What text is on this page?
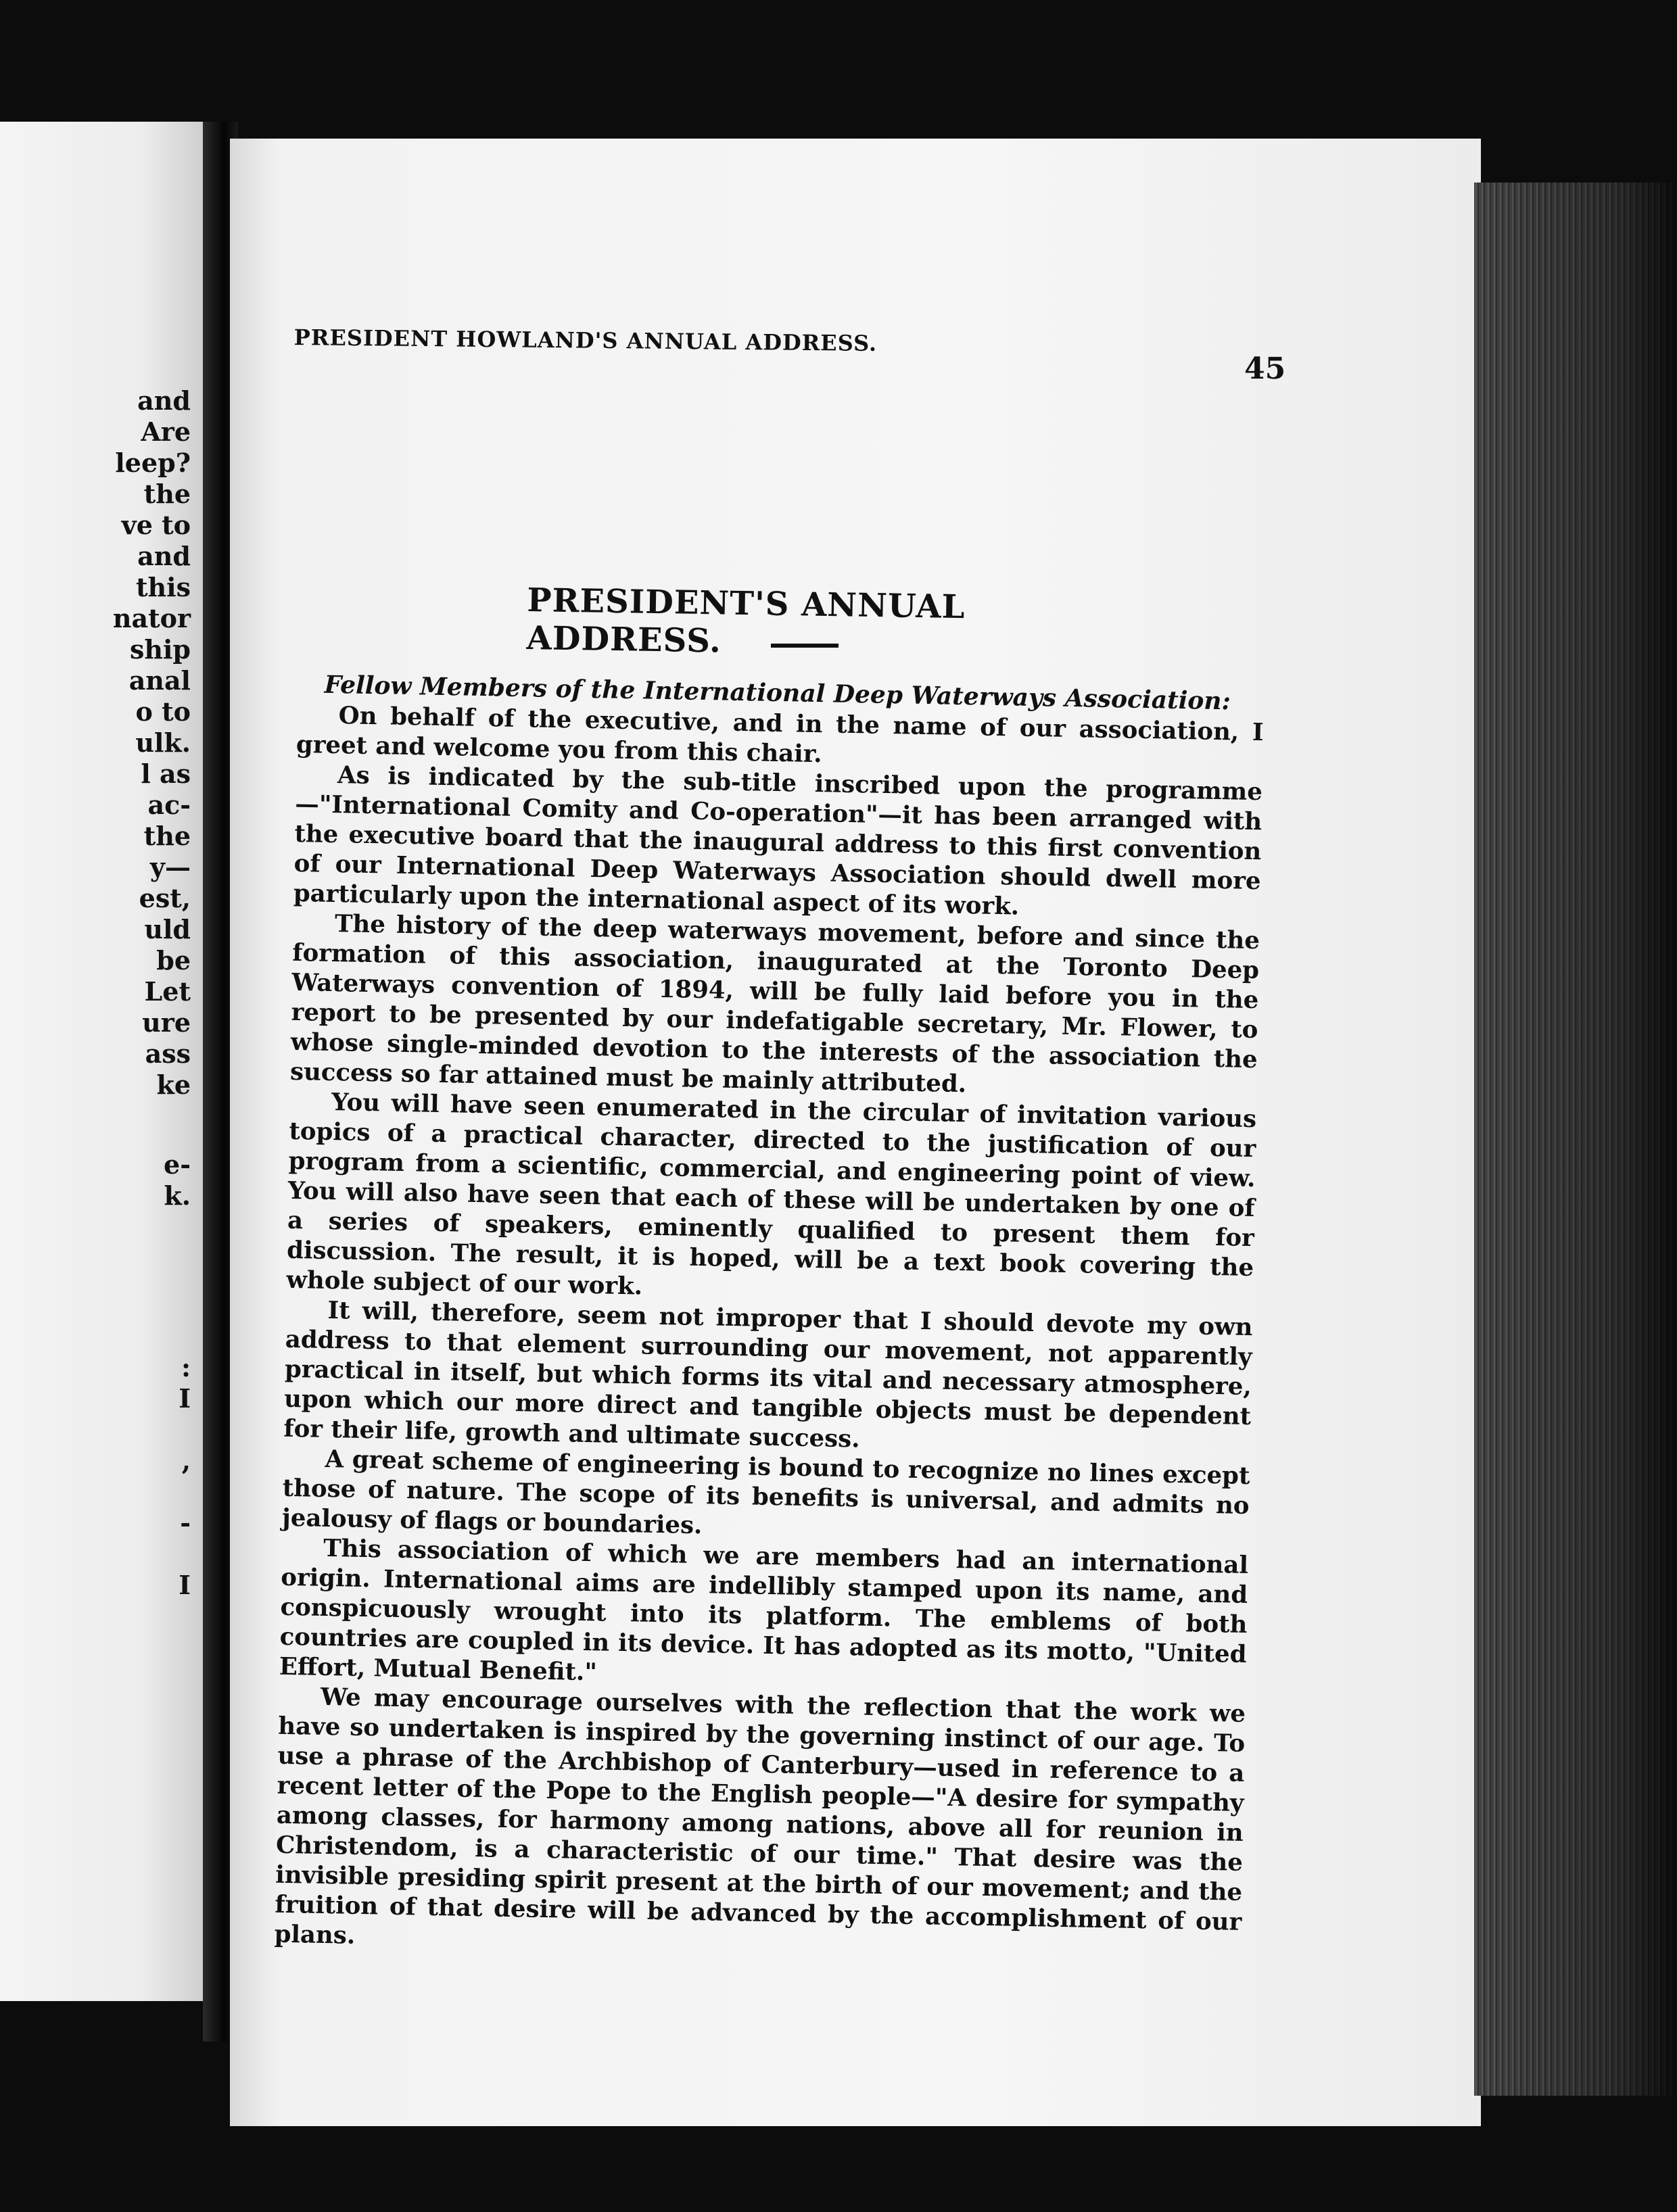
and
Are
leep?
the
ve to
and
this
nator
ship
anal
o to
ulk.
l as
ac-
the
y—
est,
uld
be
Let
ure
ass
ke
e-
k.
:
I
,
-
I
PRESIDENT HOWLAND'S ANNUAL ADDRESS.
45
PRESIDENT'S ANNUAL ADDRESS.
Fellow Members of the International Deep Waterways Association:

On behalf of the executive, and in the name of our association, I greet and welcome you from this chair.

As is indicated by the sub-title inscribed upon the programme—"International Comity and Co-operation"—it has been arranged with the executive board that the inaugural address to this first convention of our International Deep Waterways Association should dwell more particularly upon the international aspect of its work.

The history of the deep waterways movement, before and since the formation of this association, inaugurated at the Toronto Deep Waterways convention of 1894, will be fully laid before you in the report to be presented by our indefatigable secretary, Mr. Flower, to whose single-minded devotion to the interests of the association the success so far attained must be mainly attributed.

You will have seen enumerated in the circular of invitation various topics of a practical character, directed to the justification of our program from a scientific, commercial, and engineering point of view. You will also have seen that each of these will be undertaken by one of a series of speakers, eminently qualified to present them for discussion. The result, it is hoped, will be a text book covering the whole subject of our work.

It will, therefore, seem not improper that I should devote my own address to that element surrounding our movement, not apparently practical in itself, but which forms its vital and necessary atmosphere, upon which our more direct and tangible objects must be dependent for their life, growth and ultimate success.

A great scheme of engineering is bound to recognize no lines except those of nature. The scope of its benefits is universal, and admits no jealousy of flags or boundaries.

This association of which we are members had an international origin. International aims are indellibly stamped upon its name, and conspicuously wrought into its platform. The emblems of both countries are coupled in its device. It has adopted as its motto, "United Effort, Mutual Benefit."

We may encourage ourselves with the reflection that the work we have so undertaken is inspired by the governing instinct of our age. To use a phrase of the Archbishop of Canterbury—used in reference to a recent letter of the Pope to the English people—"A desire for sympathy among classes, for harmony among nations, above all for reunion in Christendom, is a characteristic of our time." That desire was the invisible presiding spirit present at the birth of our movement; and the fruition of that desire will be advanced by the accomplishment of our plans.
